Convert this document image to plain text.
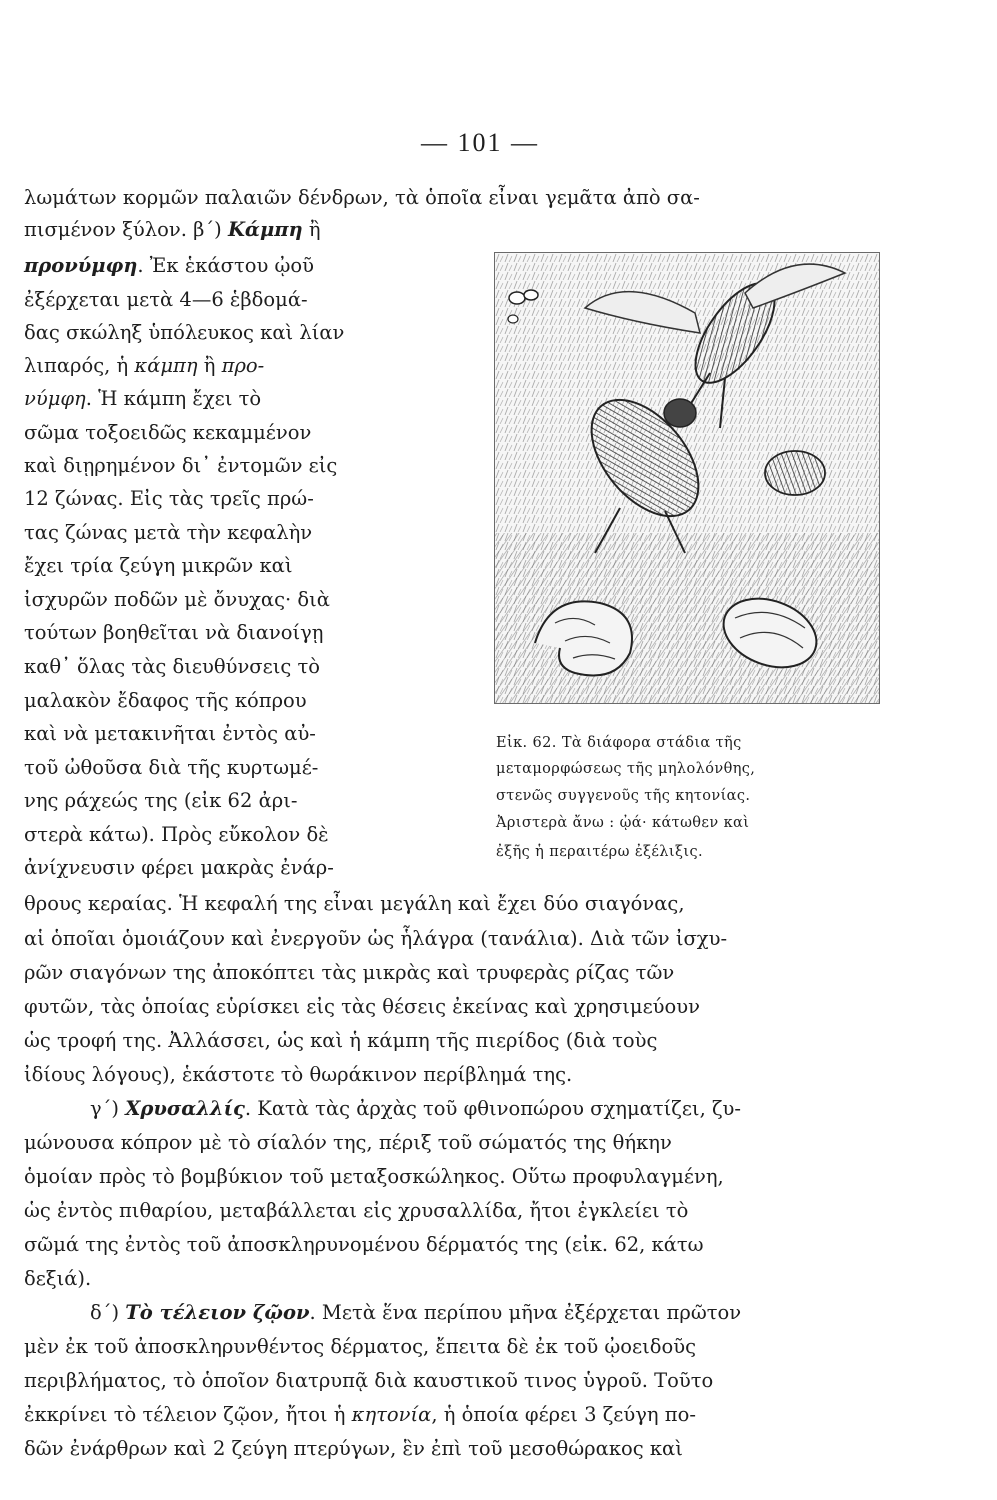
— 101 —
λωμάτων κορμῶν παλαιῶν δένδρων, τὰ ὁποῖα εἶναι γεμᾶτα ἀπὸ σα-
πισμένον ξύλον. β΄) Κάμπη ἢ
προνύμφη. Ἐκ ἑκάστου ᾠοῦ
ἐξέρχεται μετὰ 4—6 ἑβδομά-
δας σκώληξ ὑπόλευκος καὶ λίαν
λιπαρός, ἡ κάμπη ἢ προ-
νύμφη. Ἡ κάμπη ἔχει τὸ
σῶμα τοξοειδῶς κεκαμμένον
καὶ διῃρημένον δι᾽ ἐντομῶν εἰς
12 ζώνας. Εἰς τὰς τρεῖς πρώ-
τας ζώνας μετὰ τὴν κεφαλὴν
ἔχει τρία ζεύγη μικρῶν καὶ
ἰσχυρῶν ποδῶν μὲ ὄνυχας· διὰ
τούτων βοηθεῖται νὰ διανοίγῃ
καθ᾽ ὅλας τὰς διευθύνσεις τὸ
μαλακὸν ἔδαφος τῆς κόπρου
καὶ νὰ μετακινῆται ἐντὸς αὐ-
τοῦ ὠθοῦσα διὰ τῆς κυρτωμέ-
νης ράχεώς της (εἰκ 62 ἀρι-
στερὰ κάτω). Πρὸς εὔκολον δὲ
ἀνίχνευσιν φέρει μακρὰς ἐνάρ-
Εἰκ. 62. Τὰ διάφορα στάδια τῆς
μεταμορφώσεως τῆς μηλολόνθης,
στενῶς συγγενοῦς τῆς κητονίας.
Ἀριστερὰ ἄνω : ᾠά· κάτωθεν καὶ
ἐξῆς ἡ περαιτέρω ἐξέλιξις.
θρους κεραίας. Ἡ κεφαλή της εἶναι μεγάλη καὶ ἔχει δύο σιαγόνας,
αἱ ὁποῖαι ὁμοιάζουν καὶ ἐνεργοῦν ὡς ἧλάγρα (τανάλια). Διὰ τῶν ἰσχυ-
ρῶν σιαγόνων της ἀποκόπτει τὰς μικρὰς καὶ τρυφερὰς ρίζας τῶν
φυτῶν, τὰς ὁποίας εὑρίσκει εἰς τὰς θέσεις ἐκείνας καὶ χρησιμεύουν
ὡς τροφή της. Ἀλλάσσει, ὡς καὶ ἡ κάμπη τῆς πιερίδος (διὰ τοὺς
ἰδίους λόγους), ἑκάστοτε τὸ θωράκινον περίβλημά της.
γ΄) Χρυσαλλίς. Κατὰ τὰς ἀρχὰς τοῦ φθινοπώρου σχηματίζει, ζυ-
μώνουσα κόπρον μὲ τὸ σίαλόν της, πέριξ τοῦ σώματός της θήκην
ὁμοίαν πρὸς τὸ βομβύκιον τοῦ μεταξοσκώληκος. Οὕτω προφυλαγμένη,
ὡς ἐντὸς πιθαρίου, μεταβάλλεται εἰς χρυσαλλίδα, ἤτοι ἐγκλείει τὸ
σῶμά της ἐντὸς τοῦ ἀποσκληρυνομένου δέρματός της (εἰκ. 62, κάτω
δεξιά).
δ΄) Τὸ τέλειον ζῷον. Μετὰ ἕνα περίπου μῆνα ἐξέρχεται πρῶτον
μὲν ἐκ τοῦ ἀποσκληρυνθέντος δέρματος, ἔπειτα δὲ ἐκ τοῦ ᾠοειδοῦς
περιβλήματος, τὸ ὁποῖον διατρυπᾷ διὰ καυστικοῦ τινος ὑγροῦ. Τοῦτο
ἐκκρίνει τὸ τέλειον ζῷον, ἤτοι ἡ κητονία, ἡ ὁποία φέρει 3 ζεύγη πο-
δῶν ἐνάρθρων καὶ 2 ζεύγη πτερύγων, ἓν ἐπὶ τοῦ μεσοθώρακος καὶ
